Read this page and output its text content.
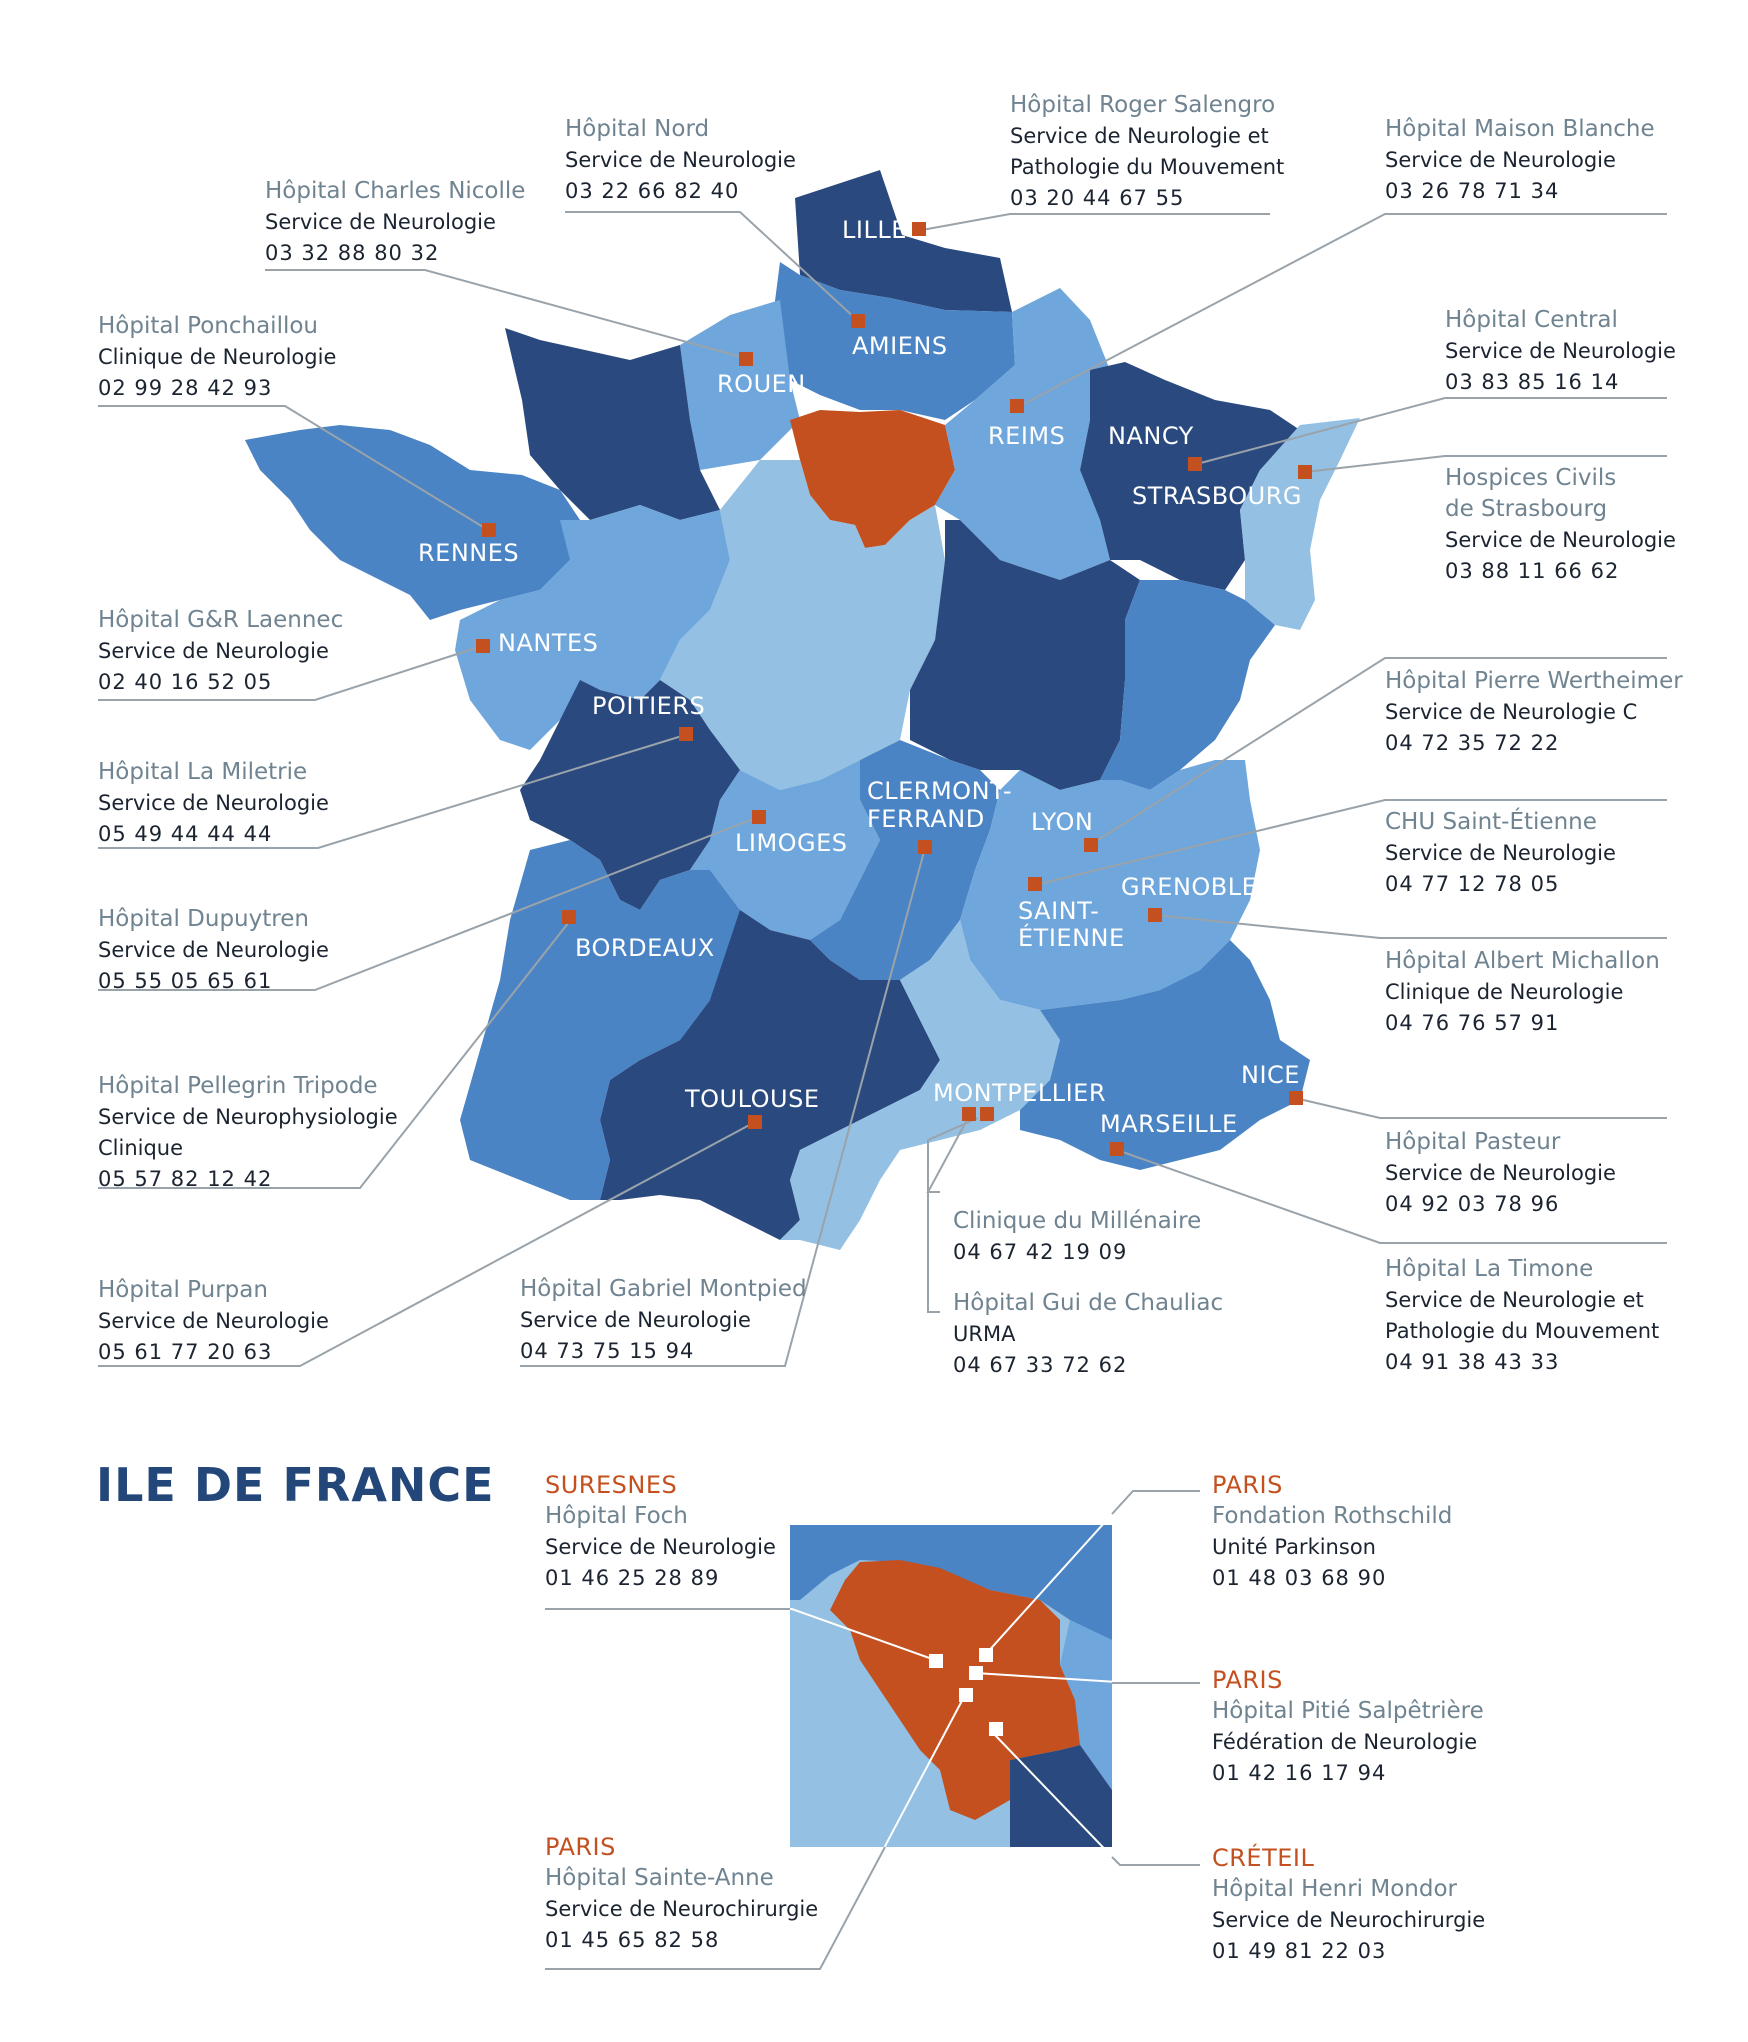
LILLE
AMIENS
ROUEN
REIMS NANCY
STRASBOURG
RENNES
NANTES
POITIERS
LIMOGES
CLERMONT-
FERRAND LYON
GRENOBLE
SAINT-
ÉTIENNE
BORDEAUX
TOULOUSE	MONTPELLIER
MARSEILLE
NICE
Hôpital Nord
Service de Neurologie
03 22 66 82 40
Hôpital Roger Salengro
Service de Neurologie et
Pathologie du Mouvement
03 20 44 67 55
Hôpital Maison Blanche
Service de Neurologie
03 26 78 71 34
Hôpital Charles Nicolle
Service de Neurologie
03 32 88 80 32
Hôpital Ponchaillou
Clinique de Neurologie
02 99 28 42 93
Hôpital Central
Service de Neurologie
03 83 85 16 14
Hospices Civils
de Strasbourg
Service de Neurologie
03 88 11 66 62
Hôpital G&R Laennec
Service de Neurologie
02 40 16 52 05	Hôpital Pierre Wertheimer
Service de Neurologie C
04 72 35 72 22
Hôpital La Miletrie
Service de Neurologie
05 49 44 44 44	CHU Saint-Étienne
Service de Neurologie
04 77 12 78 05
Hôpital Dupuytren
Service de Neurologie
05 55 05 65 61
Hôpital Albert Michallon
Clinique de Neurologie
04 76 76 57 91
Hôpital Pellegrin Tripode
Service de Neurophysiologie
Clinique
05 57 82 12 42
Hôpital Pasteur
Service de Neurologie
04 92 03 78 96
Clinique du Millénaire
04 67 42 19 09
Hôpital Purpan
Service de Neurologie
05 61 77 20 63
Hôpital Gabriel Montpied
Service de Neurologie
04 73 75 15 94
Hôpital Gui de Chauliac
URMA
04 67 33 72 62
Hôpital La Timone
Service de Neurologie et
Pathologie du Mouvement
04 91 38 43 33
ILE DE FRANCE SURESNES
Hôpital Foch
Service de Neurologie
01 46 25 28 89
PARIS
Fondation Rothschild
Unité Parkinson
01 48 03 68 90
PARIS
Hôpital Pitié Salpêtrière
Fédération de Neurologie
01 42 16 17 94
PARIS
Hôpital Sainte-Anne
Service de Neurochirurgie
01 45 65 82 58
CRÉTEIL
Hôpital Henri Mondor
Service de Neurochirurgie
01 49 81 22 03
